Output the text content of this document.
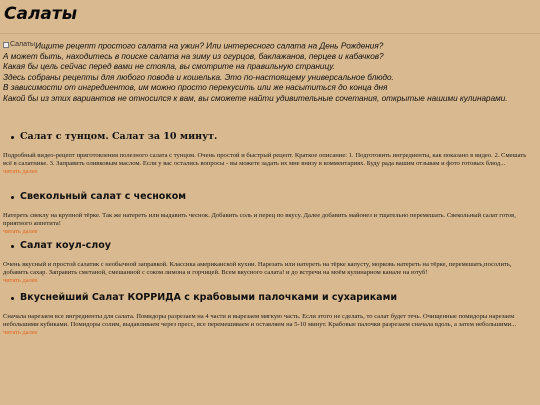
Салаты

Салаты Ищите рецепт простого салата на ужин? Или интересного салата на День Рождения?

А может быть, находитесь в поиске салата на зиму из огурцов, баклажанов, перцев и кабачков?

Какая бы цель сейчас перед вами не стояла, вы смотрите на правильную страницу.

Здесь собраны рецепты для любого повода и кошелька. Это по-настоящему универсальное блюдо.

В зависимости от ингредиентов, им можно просто перекусить или же насытиться до конца дня

Какой бы из этих вариантов не относился к вам, вы сможете найти удивительные сочетания, открытые нашими кулинарами.

Салат с тунцом. Салат за 10 минут.

Подробный видео-рецепт приготовления полезного салата с тунцом. Очень простой и быстрый рецепт. Краткое описание: 1. Подготовить ингредиенты, как показано в видео. 2. Смешать всё в салатнике. 3. Заправить оливковым маслом. Если у вас остались вопросы - вы можете задать их мне внизу в комментариях. Буду рада вашим отзывам и фото готовых блюд...

читать далее
Свекольный салат с чесноком

Натереть свеклу на крупной тёрке. Так же натереть или выдавить чеснок. Добавить соль и перец по вкусу. Далее добавить майонез и тщательно перемешать. Свекольный салат готов, приятного аппетита!

читать далее
Салат коул-слоу

Очень вкусный и простой салатик с необычной заправкой. Классика американской кухни. Нарезать или натереть на тёрке капусту, морковь натереть на тёрке, перемешать,посолить, добавить сахар. Заправить сметаной, смешанной с соком лимона и горчицей. Всем вкусного салата! и до встречи на моём кулинарном канале на ютуб!

читать далее
Вкуснейший Салат КОРРИДА с крабовыми палочками и сухариками

Сначала нарезаем все ингредиенты для салата. Помидоры разрезаем на 4 части и вырезаем мягкую часть. Если этого не сделать, то салат будет течь. Очищенные помидоры нарезаем небольшими кубиками. Помидоры солим, выдавливаем через пресс, все перемешиваем и оставляем на 5-10 минут. Крабовые палочки разрезаем сначала вдоль, а затем небольшими...

читать далее
